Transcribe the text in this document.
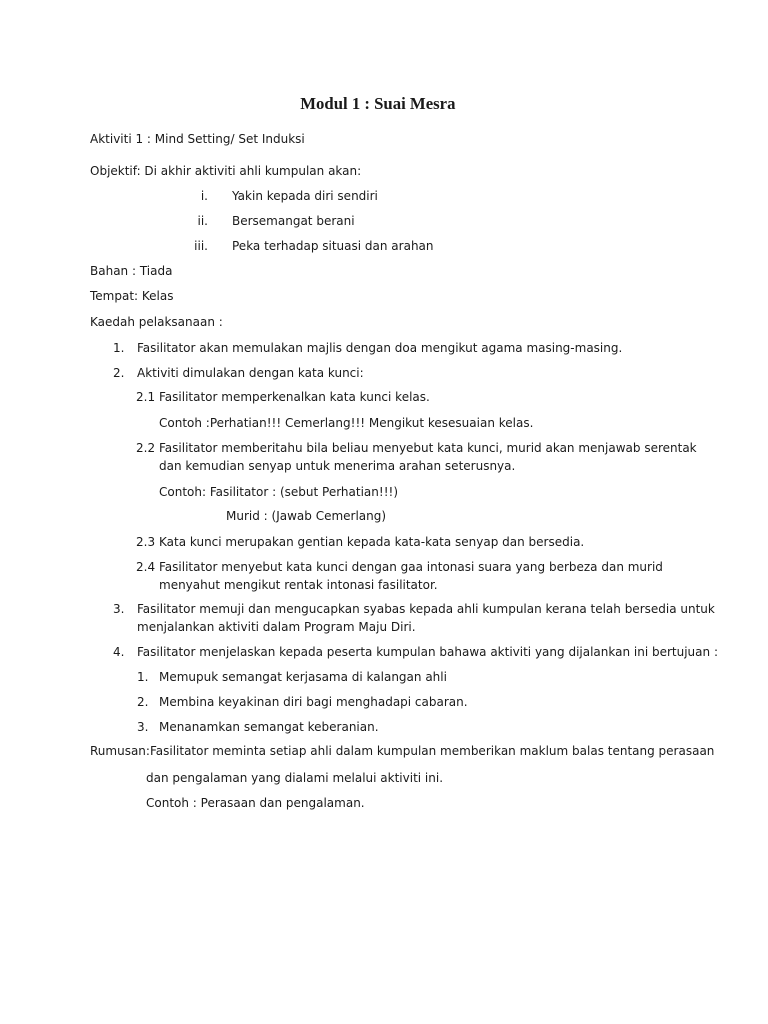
Modul 1 : Suai Mesra
Aktiviti 1 : Mind Setting/ Set Induksi
Objektif: Di akhir aktiviti ahli kumpulan akan:
i. Yakin kepada diri sendiri
ii. Bersemangat berani
iii. Peka terhadap situasi dan arahan
Bahan : Tiada
Tempat: Kelas
Kaedah pelaksanaan :
1. Fasilitator akan memulakan majlis dengan doa mengikut agama masing-masing.
2. Aktiviti dimulakan dengan kata kunci:
2.1 Fasilitator memperkenalkan kata kunci kelas.
Contoh :Perhatian!!! Cemerlang!!! Mengikut kesesuaian kelas.
2.2 Fasilitator memberitahu bila beliau menyebut kata kunci, murid akan menjawab serentak
dan kemudian senyap untuk menerima arahan seterusnya.
Contoh: Fasilitator : (sebut Perhatian!!!)
Murid : (Jawab Cemerlang)
2.3 Kata kunci merupakan gentian kepada kata-kata senyap dan bersedia.
2.4 Fasilitator menyebut kata kunci dengan gaa intonasi suara yang berbeza dan murid
menyahut mengikut rentak intonasi fasilitator.
3. Fasilitator memuji dan mengucapkan syabas kepada ahli kumpulan kerana telah bersedia untuk
menjalankan aktiviti dalam Program Maju Diri.
4. Fasilitator menjelaskan kepada peserta kumpulan bahawa aktiviti yang dijalankan ini bertujuan :
1. Memupuk semangat kerjasama di kalangan ahli
2. Membina keyakinan diri bagi menghadapi cabaran.
3. Menanamkan semangat keberanian.
Rumusan:Fasilitator meminta setiap ahli dalam kumpulan memberikan maklum balas tentang perasaan
dan pengalaman yang dialami melalui aktiviti ini.
Contoh : Perasaan dan pengalaman.
